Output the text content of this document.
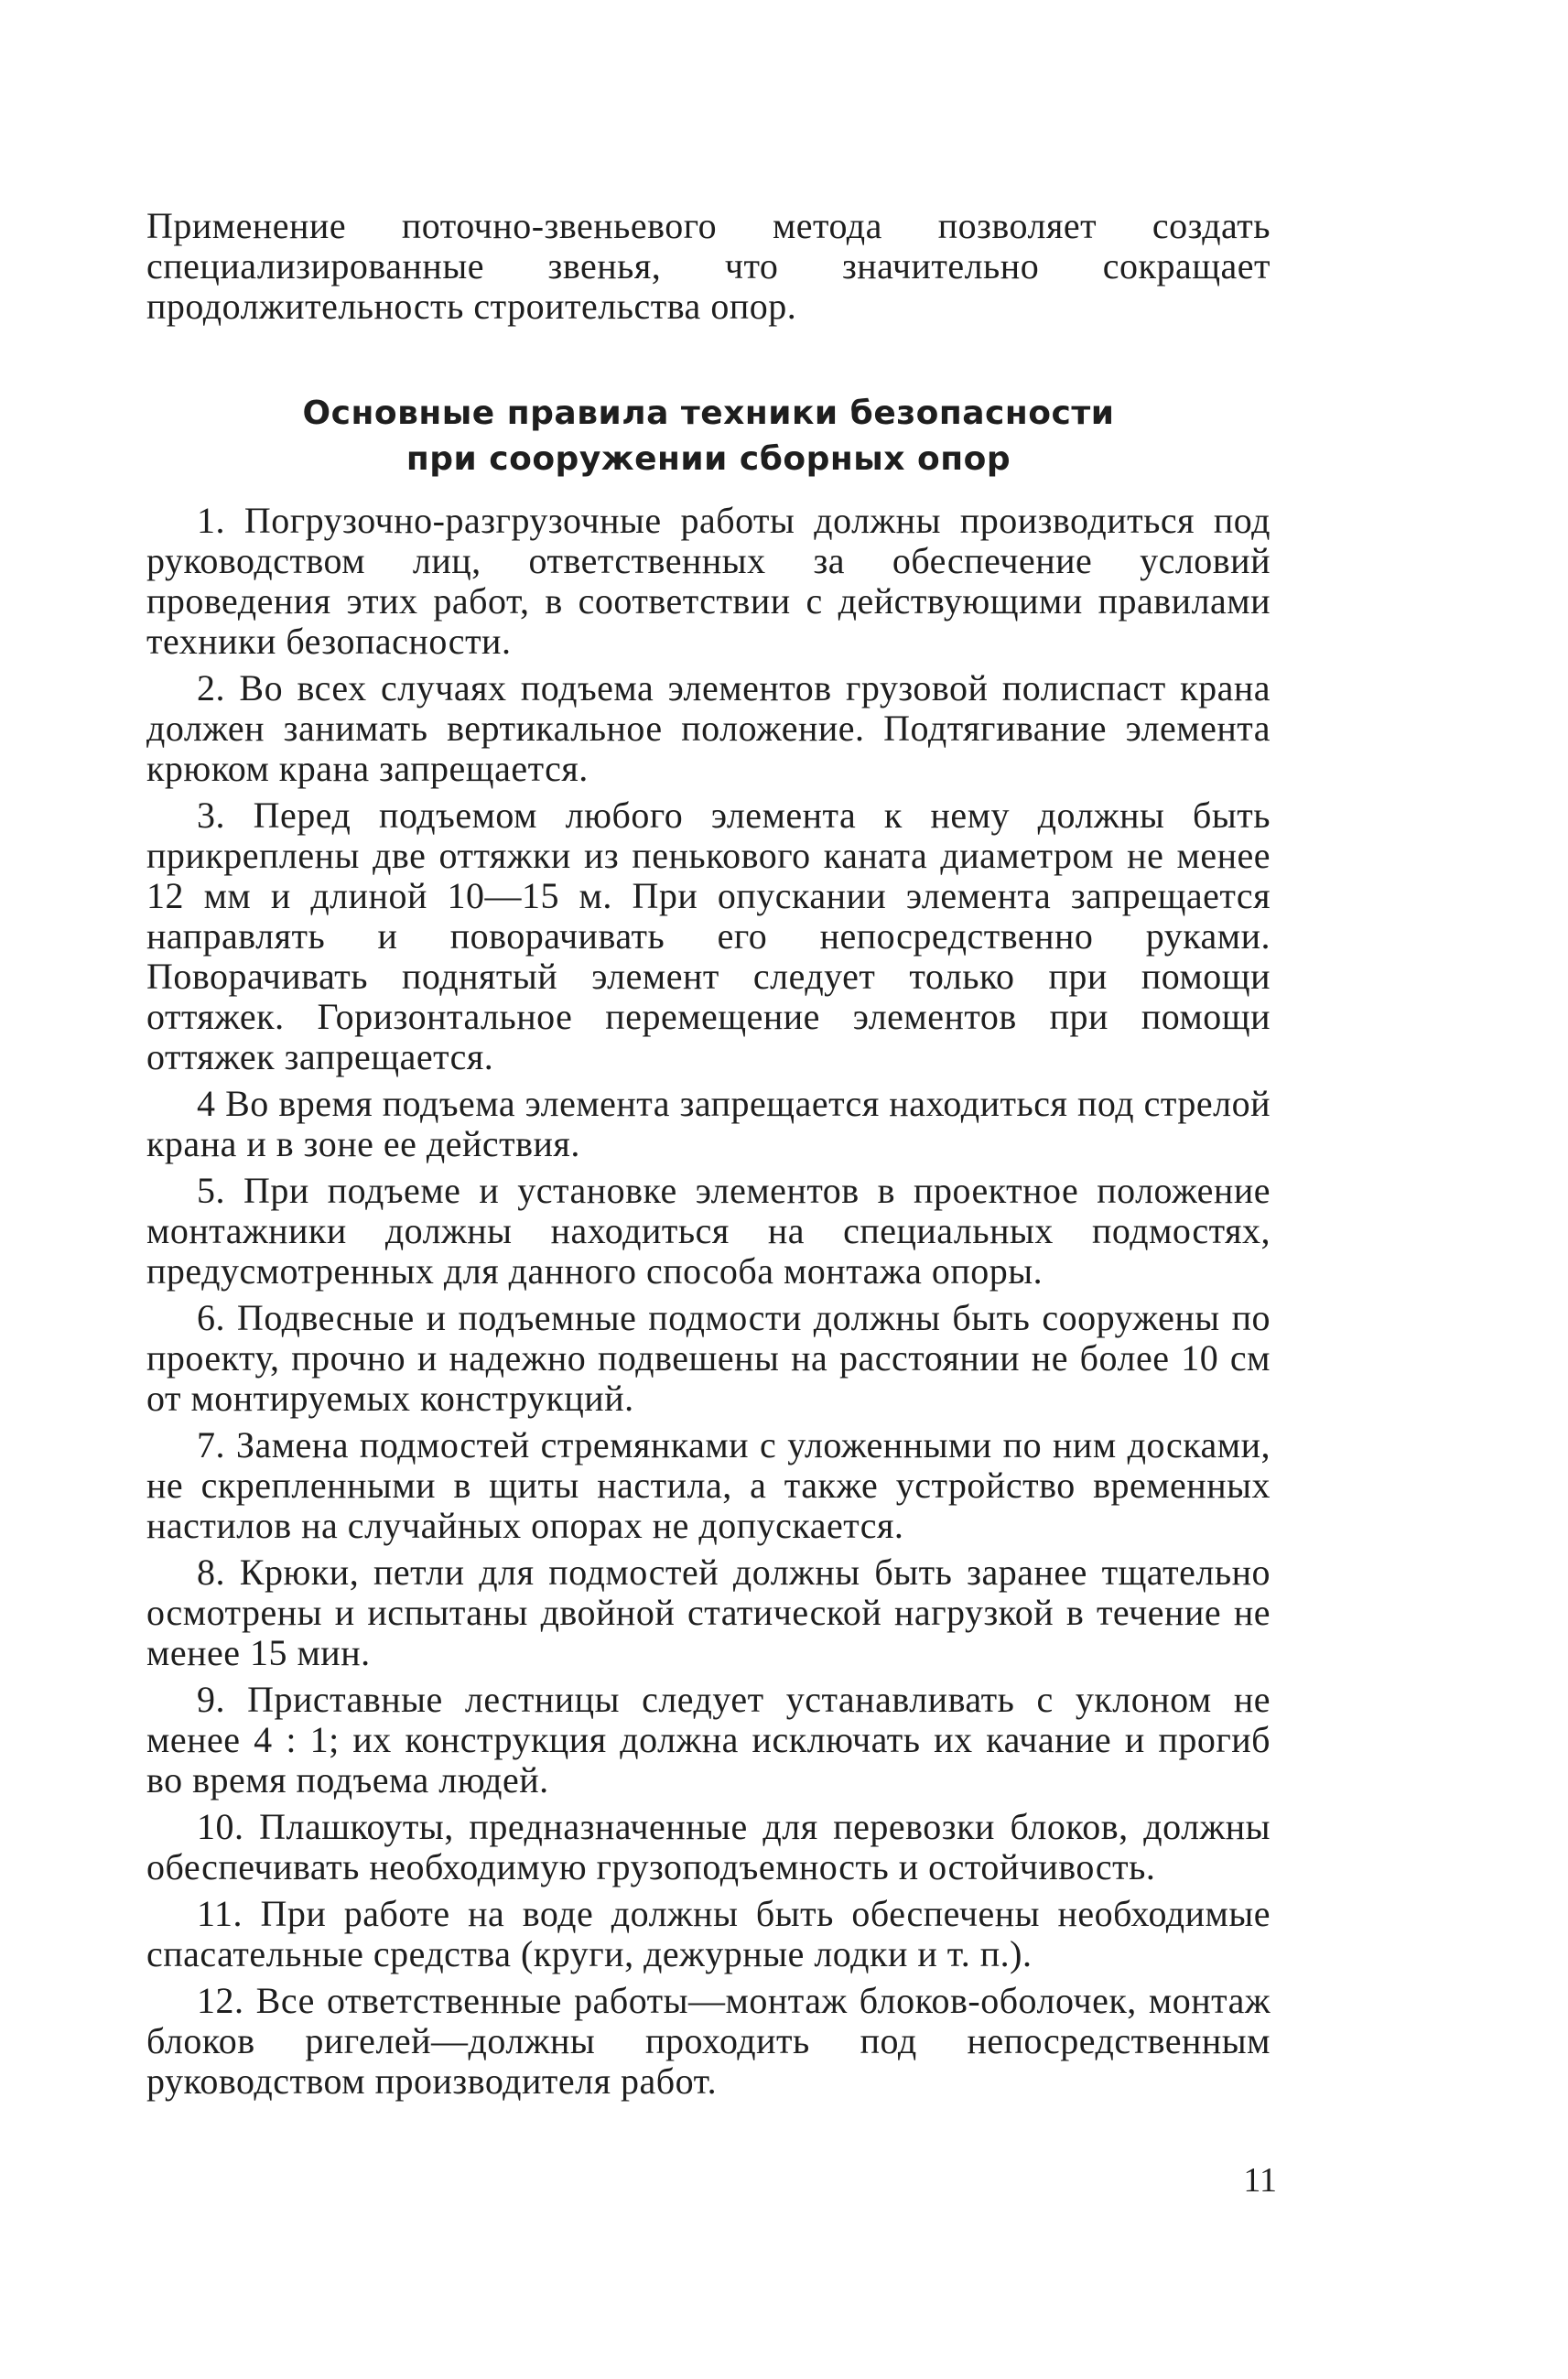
Применение поточно-звеньевого метода позволяет создать специализированные звенья, что значительно сокращает продолжительность строительства опор.

Основные правила техники безопасности
при сооружении сборных опор

1. Погрузочно-разгрузочные работы должны производиться под руководством лиц, ответственных за обеспечение условий проведения этих работ, в соответствии с действующими правилами техники безопасности.

2. Во всех случаях подъема элементов грузовой полиспаст крана должен занимать вертикальное положение. Подтягивание элемента крюком крана запрещается.

3. Перед подъемом любого элемента к нему должны быть прикреплены две оттяжки из пенькового каната диаметром не менее 12 мм и длиной 10—15 м. При опускании элемента запрещается направлять и поворачивать его непосредственно руками. Поворачивать поднятый элемент следует только при помощи оттяжек. Горизонтальное перемещение элементов при помощи оттяжек запрещается.

4 Во время подъема элемента запрещается находиться под стрелой крана и в зоне ее действия.

5. При подъеме и установке элементов в проектное положение монтажники должны находиться на специальных подмостях, предусмотренных для данного способа монтажа опоры.

6. Подвесные и подъемные подмости должны быть сооружены по проекту, прочно и надежно подвешены на расстоянии не более 10 см от монтируемых конструкций.

7. Замена подмостей стремянками с уложенными по ним досками, не скрепленными в щиты настила, а также устройство временных настилов на случайных опорах не допускается.

8. Крюки, петли для подмостей должны быть заранее тщательно осмотрены и испытаны двойной статической нагрузкой в течение не менее 15 мин.

9. Приставные лестницы следует устанавливать с уклоном не менее 4 : 1; их конструкция должна исключать их качание и прогиб во время подъема людей.

10. Плашкоуты, предназначенные для перевозки блоков, должны обеспечивать необходимую грузоподъемность и остойчивость.

11. При работе на воде должны быть обеспечены необходимые спасательные средства (круги, дежурные лодки и т. п.).

12. Все ответственные работы—монтаж блоков-оболочек, монтаж блоков ригелей—должны проходить под непосредственным руководством производителя работ.

11
